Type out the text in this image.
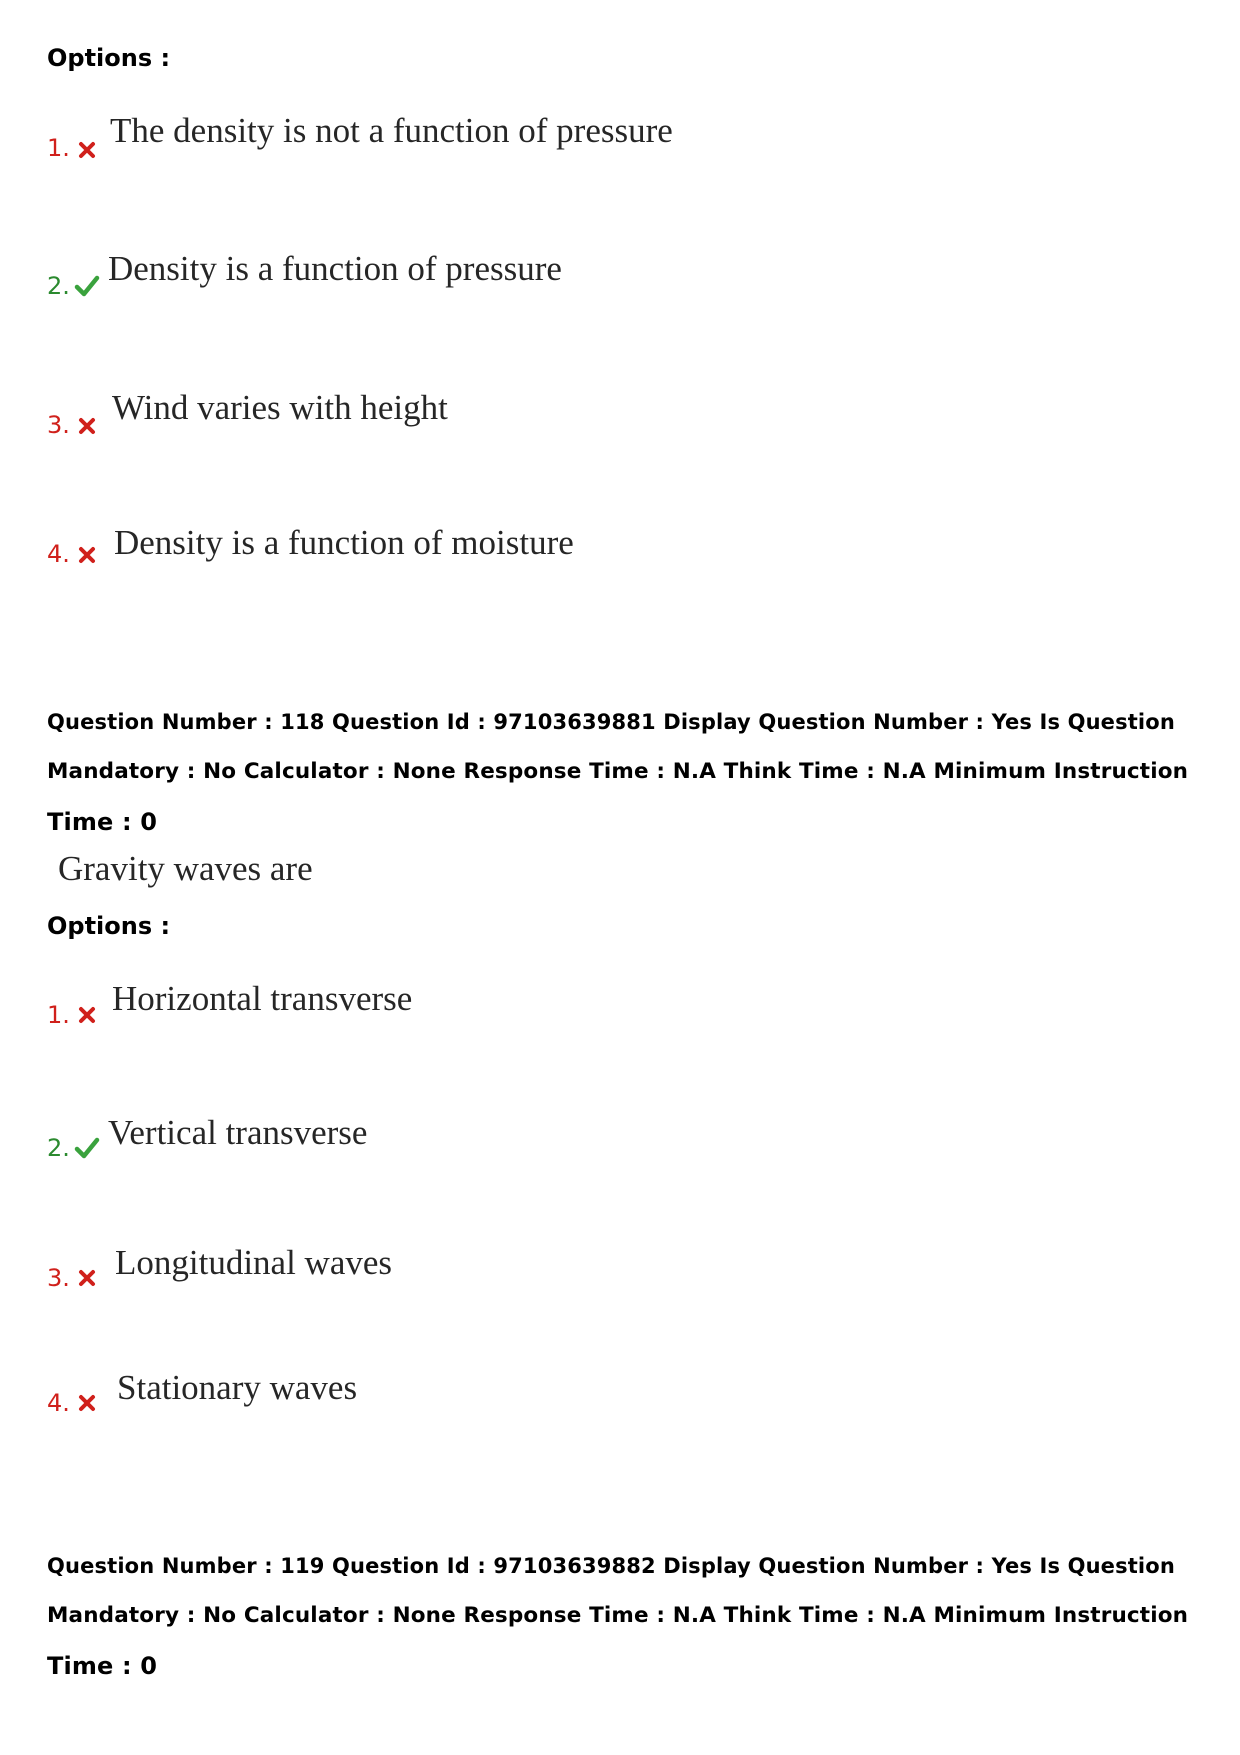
Options :
1. The density is not a function of pressure
2. Density is a function of pressure
3. Wind varies with height
4. Density is a function of moisture
Question Number : 118 Question Id : 97103639881 Display Question Number : Yes Is Question
Mandatory : No Calculator : None Response Time : N.A Think Time : N.A Minimum Instruction
Time : 0
Gravity waves are
Options :
1. Horizontal transverse
2. Vertical transverse
3. Longitudinal waves
4. Stationary waves
Question Number : 119 Question Id : 97103639882 Display Question Number : Yes Is Question
Mandatory : No Calculator : None Response Time : N.A Think Time : N.A Minimum Instruction
Time : 0
